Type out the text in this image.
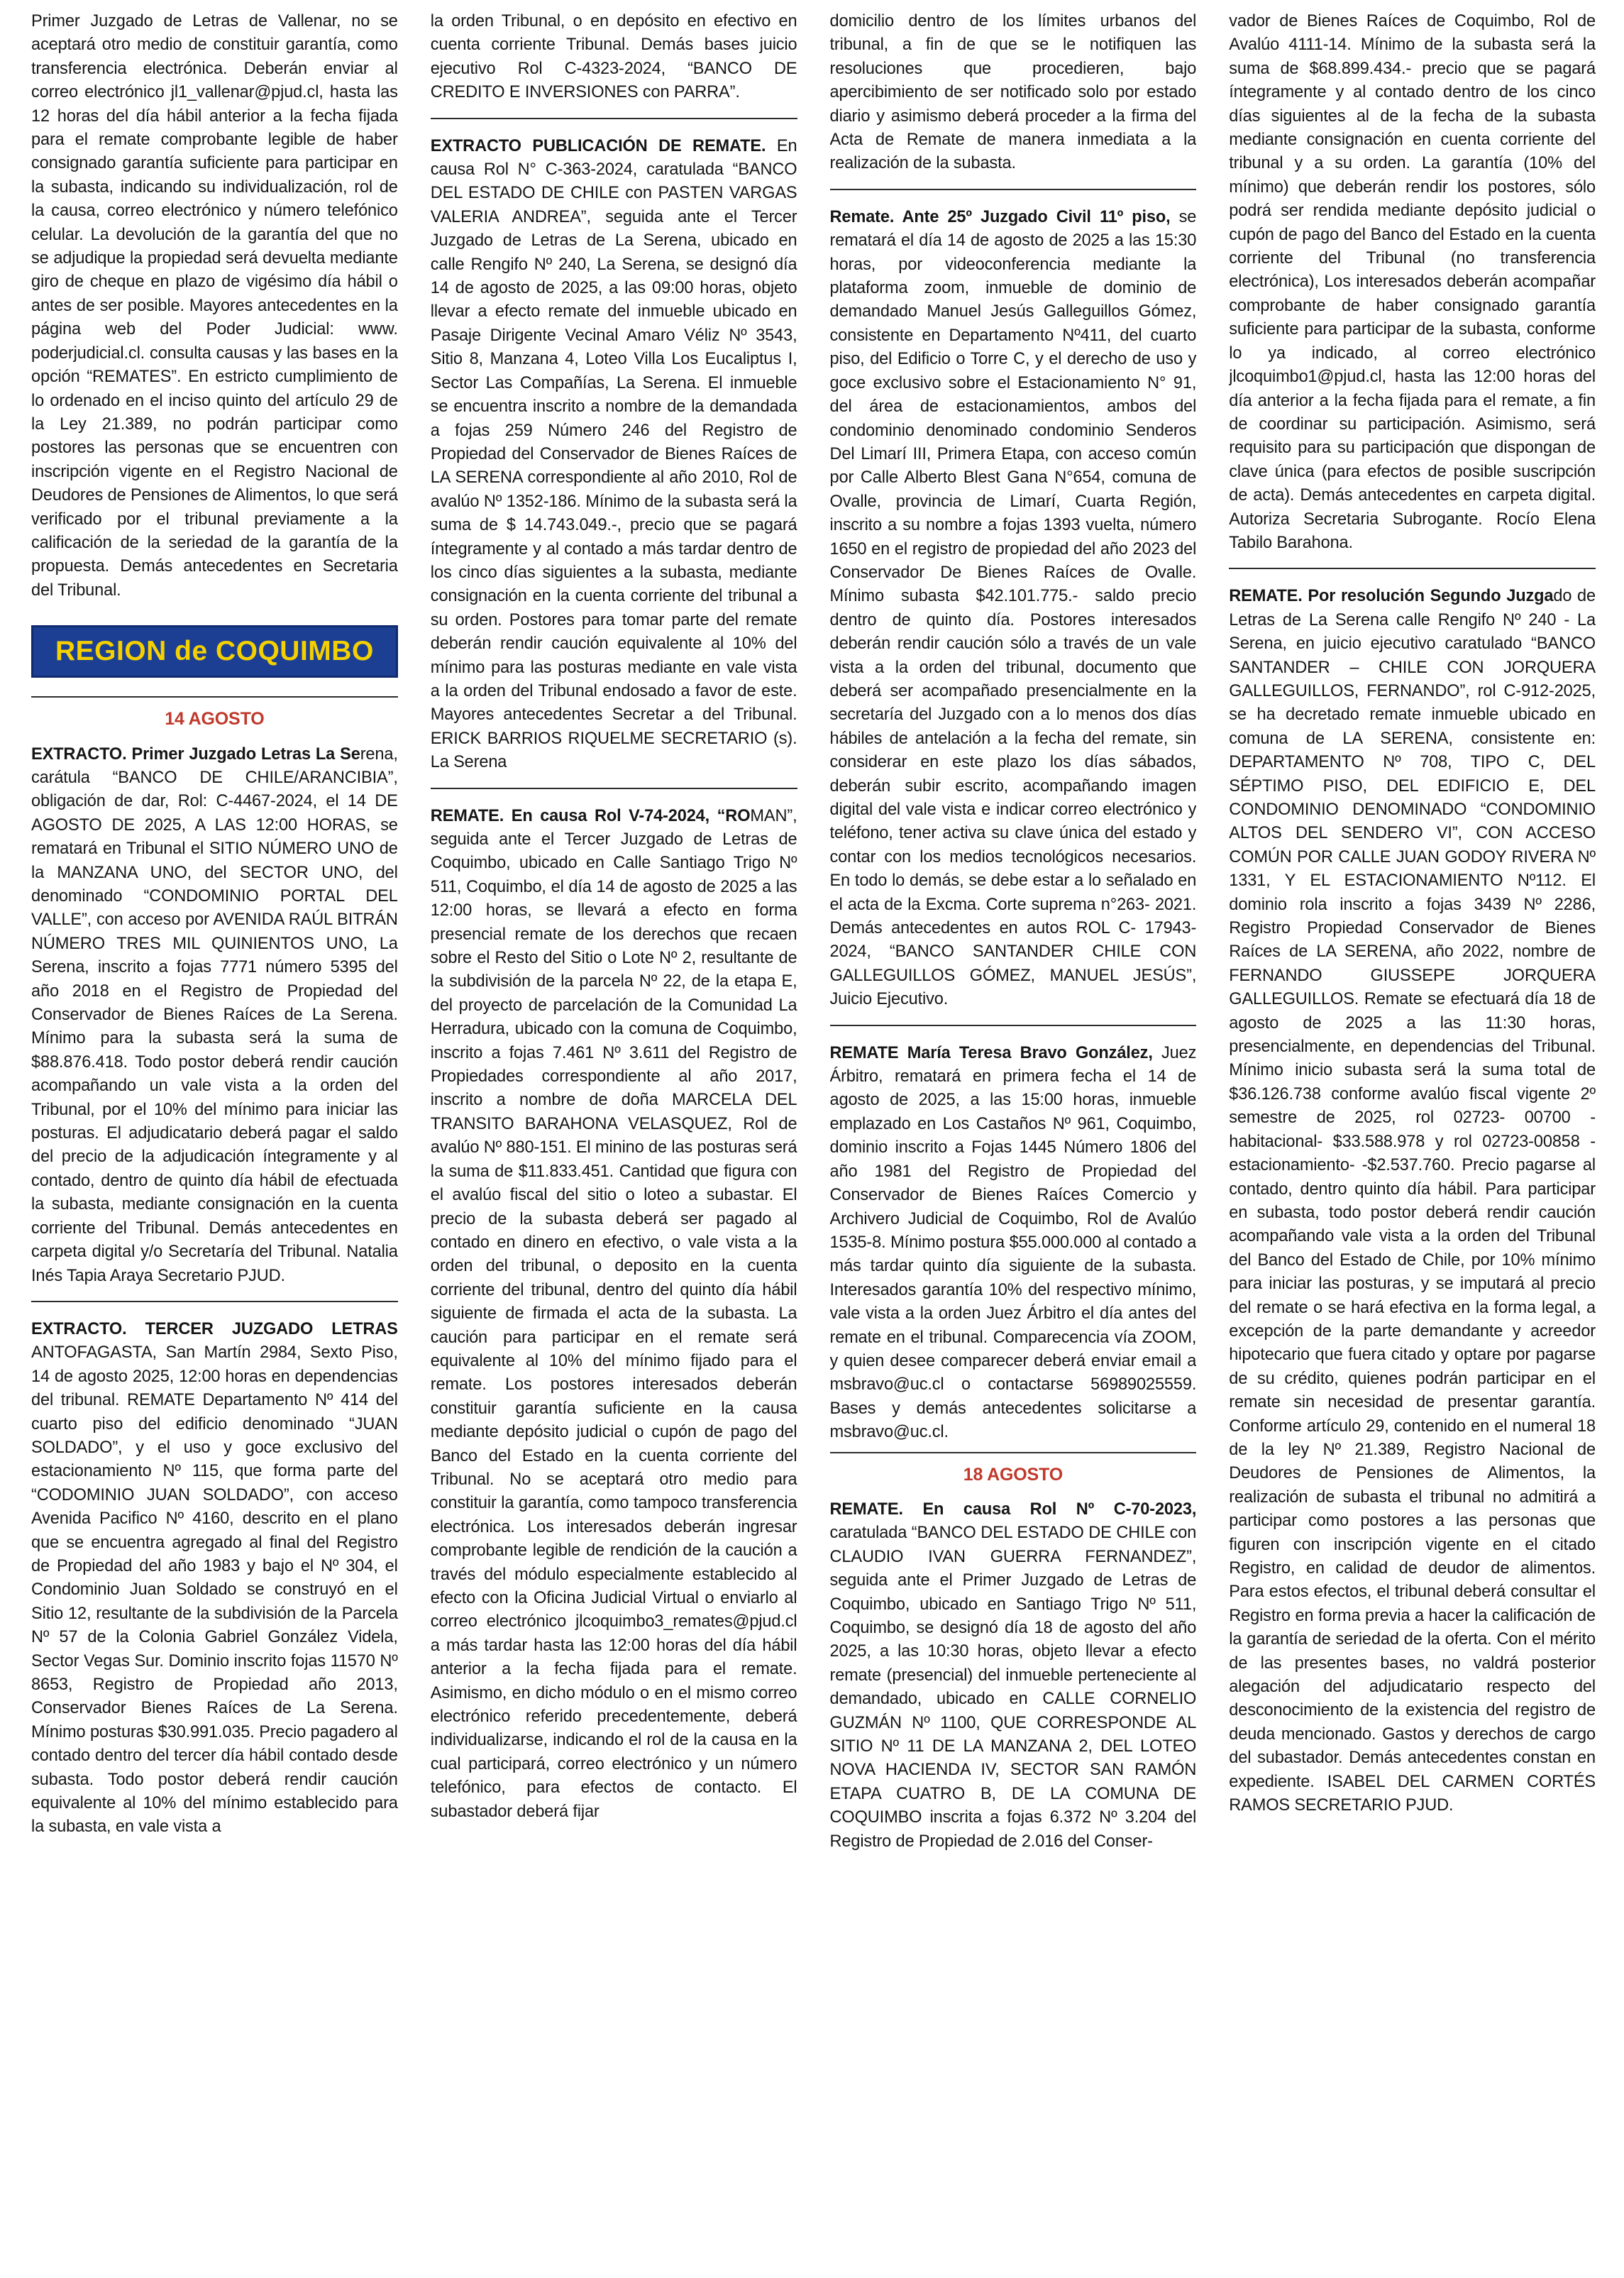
Primer Juzgado de Letras de Vallenar, no se aceptará otro medio de constituir garantía, como transferencia electrónica. Deberán enviar al correo electrónico jl1_vallenar@pjud.cl, hasta las 12 horas del día hábil anterior a la fecha fijada para el remate comprobante legible de haber consignado garantía suficiente para participar en la subasta, indicando su individualización, rol de la causa, correo electrónico y número telefónico celular. La devolución de la garantía del que no se adjudique la propiedad será devuelta mediante giro de cheque en plazo de vigésimo día hábil o antes de ser posible. Mayores antecedentes en la página web del Poder Judicial: www. poderjudicial.cl. consulta causas y las bases en la opción “REMATES”. En estricto cumplimiento de lo ordenado en el inciso quinto del artículo 29 de la Ley 21.389, no podrán participar como postores las personas que se encuentren con inscripción vigente en el Registro Nacional de Deudores de Pensiones de Alimentos, lo que será verificado por el tribunal previamente a la calificación de la seriedad de la garantía de la propuesta. Demás antecedentes en Secretaria del Tribunal.

REGION de COQUIMBO
14 AGOSTO

EXTRACTO. Primer Juzgado Letras La Serena, carátula “BANCO DE CHILE/ARANCIBIA”, obligación de dar, Rol: C-4467-2024, el 14 DE AGOSTO DE 2025, A LAS 12:00 HORAS, se rematará en Tribunal el SITIO NÚMERO UNO de la MANZANA UNO, del SECTOR UNO, del denominado “CONDOMINIO PORTAL DEL VALLE”, con acceso por AVENIDA RAÚL BITRÁN NÚMERO TRES MIL QUINIENTOS UNO, La Serena, inscrito a fojas 7771 número 5395 del año 2018 en el Registro de Propiedad del Conservador de Bienes Raíces de La Serena. Mínimo para la subasta será la suma de $88.876.418. Todo postor deberá rendir caución acompañando un vale vista a la orden del Tribunal, por el 10% del mínimo para iniciar las posturas. El adjudicatario deberá pagar el saldo del precio de la adjudicación íntegramente y al contado, dentro de quinto día hábil de efectuada la subasta, mediante consignación en la cuenta corriente del Tribunal. Demás antecedentes en carpeta digital y/o Secretaría del Tribunal. Natalia Inés Tapia Araya Secretario PJUD.

EXTRACTO. TERCER JUZGADO LETRAS ANTOFAGASTA, San Martín 2984, Sexto Piso, 14 de agosto 2025, 12:00 horas en dependencias del tribunal. REMATE Departamento Nº 414 del cuarto piso del edificio denominado “JUAN SOLDADO”, y el uso y goce exclusivo del estacionamiento Nº 115, que forma parte del “CODOMINIO JUAN SOLDADO”, con acceso Avenida Pacifico Nº 4160, descrito en el plano que se encuentra agregado al final del Registro de Propiedad del año 1983 y bajo el Nº 304, el Condominio Juan Soldado se construyó en el Sitio 12, resultante de la subdivisión de la Parcela Nº 57 de la Colonia Gabriel González Videla, Sector Vegas Sur. Dominio inscrito fojas 11570 Nº 8653, Registro de Propiedad año 2013, Conservador Bienes Raíces de La Serena. Mínimo posturas $30.991.035. Precio pagadero al contado dentro del tercer día hábil contado desde subasta. Todo postor deberá rendir caución equivalente al 10% del mínimo establecido para la subasta, en vale vista a

la orden Tribunal, o en depósito en efectivo en cuenta corriente Tribunal. Demás bases juicio ejecutivo Rol C-4323-2024, “BANCO DE CREDITO E INVERSIONES con PARRA”.

EXTRACTO PUBLICACIÓN DE REMATE. En causa Rol N° C-363-2024, caratulada “BANCO DEL ESTADO DE CHILE con PASTEN VARGAS VALERIA ANDREA”, seguida ante el Tercer Juzgado de Letras de La Serena, ubicado en calle Rengifo Nº 240, La Serena, se designó día 14 de agosto de 2025, a las 09:00 horas, objeto llevar a efecto remate del inmueble ubicado en Pasaje Dirigente Vecinal Amaro Véliz Nº 3543, Sitio 8, Manzana 4, Loteo Villa Los Eucaliptus I, Sector Las Compañías, La Serena. El inmueble se encuentra inscrito a nombre de la demandada a fojas 259 Número 246 del Registro de Propiedad del Conservador de Bienes Raíces de LA SERENA correspondiente al año 2010, Rol de avalúo Nº 1352-186. Mínimo de la subasta será la suma de $ 14.743.049.-, precio que se pagará íntegramente y al contado a más tardar dentro de los cinco días siguientes a la subasta, mediante consignación en la cuenta corriente del tribunal a su orden. Postores para tomar parte del remate deberán rendir caución equivalente al 10% del mínimo para las posturas mediante en vale vista a la orden del Tribunal endosado a favor de este. Mayores antecedentes Secretar a del Tribunal. ERICK BARRIOS RIQUELME SECRETARIO (s). La Serena

REMATE. En causa Rol V-74-2024, “ROMAN”, seguida ante el Tercer Juzgado de Letras de Coquimbo, ubicado en Calle Santiago Trigo Nº 511, Coquimbo, el día 14 de agosto de 2025 a las 12:00 horas, se llevará a efecto en forma presencial remate de los derechos que recaen sobre el Resto del Sitio o Lote Nº 2, resultante de la subdivisión de la parcela Nº 22, de la etapa E, del proyecto de parcelación de la Comunidad La Herradura, ubicado con la comuna de Coquimbo, inscrito a fojas 7.461 Nº 3.611 del Registro de Propiedades correspondiente al año 2017, inscrito a nombre de doña MARCELA DEL TRANSITO BARAHONA VELASQUEZ, Rol de avalúo Nº 880-151. El minino de las posturas será la suma de $11.833.451. Cantidad que figura con el avalúo fiscal del sitio o loteo a subastar. El precio de la subasta deberá ser pagado al contado en dinero en efectivo, o vale vista a la orden del tribunal, o deposito en la cuenta corriente del tribunal, dentro del quinto día hábil siguiente de firmada el acta de la subasta. La caución para participar en el remate será equivalente al 10% del mínimo fijado para el remate. Los postores interesados deberán constituir garantía suficiente en la causa mediante depósito judicial o cupón de pago del Banco del Estado en la cuenta corriente del Tribunal. No se aceptará otro medio para constituir la garantía, como tampoco transferencia electrónica. Los interesados deberán ingresar comprobante legible de rendición de la caución a través del módulo especialmente establecido al efecto con la Oficina Judicial Virtual o enviarlo al correo electrónico jlcoquimbo3_remates@pjud.cl a más tardar hasta las 12:00 horas del día hábil anterior a la fecha fijada para el remate. Asimismo, en dicho módulo o en el mismo correo electrónico referido precedentemente, deberá individualizarse, indicando el rol de la causa en la cual participará, correo electrónico y un número telefónico, para efectos de contacto. El subastador deberá fijar

domicilio dentro de los límites urbanos del tribunal, a fin de que se le notifiquen las resoluciones que procedieren, bajo apercibimiento de ser notificado solo por estado diario y asimismo deberá proceder a la firma del Acta de Remate de manera inmediata a la realización de la subasta.

Remate. Ante 25º Juzgado Civil 11º piso, se rematará el día 14 de agosto de 2025 a las 15:30 horas, por videoconferencia mediante la plataforma zoom, inmueble de dominio de demandado Manuel Jesús Galleguillos Gómez, consistente en Departamento Nº411, del cuarto piso, del Edificio o Torre C, y el derecho de uso y goce exclusivo sobre el Estacionamiento N° 91, del área de estacionamientos, ambos del condominio denominado condominio Senderos Del Limarí III, Primera Etapa, con acceso común por Calle Alberto Blest Gana N°654, comuna de Ovalle, provincia de Limarí, Cuarta Región, inscrito a su nombre a fojas 1393 vuelta, número 1650 en el registro de propiedad del año 2023 del Conservador De Bienes Raíces de Ovalle. Mínimo subasta $42.101.775.- saldo precio dentro de quinto día. Postores interesados deberán rendir caución sólo a través de un vale vista a la orden del tribunal, documento que deberá ser acompañado presencialmente en la secretaría del Juzgado con a lo menos dos días hábiles de antelación a la fecha del remate, sin considerar en este plazo los días sábados, deberán subir escrito, acompañando imagen digital del vale vista e indicar correo electrónico y teléfono, tener activa su clave única del estado y contar con los medios tecnológicos necesarios. En todo lo demás, se debe estar a lo señalado en el acta de la Excma. Corte suprema n°263- 2021. Demás antecedentes en autos ROL C- 17943-2024, “BANCO SANTANDER CHILE CON GALLEGUILLOS GÓMEZ, MANUEL JESÚS”, Juicio Ejecutivo.

REMATE María Teresa Bravo González, Juez Árbitro, rematará en primera fecha el 14 de agosto de 2025, a las 15:00 horas, inmueble emplazado en Los Castaños Nº 961, Coquimbo, dominio inscrito a Fojas 1445 Número 1806 del año 1981 del Registro de Propiedad del Conservador de Bienes Raíces Comercio y Archivero Judicial de Coquimbo, Rol de Avalúo 1535-8. Mínimo postura $55.000.000 al contado a más tardar quinto día siguiente de la subasta. Interesados garantía 10% del respectivo mínimo, vale vista a la orden Juez Árbitro el día antes del remate en el tribunal. Comparecencia vía ZOOM, y quien desee comparecer deberá enviar email a msbravo@uc.cl o contactarse 56989025559. Bases y demás antecedentes solicitarse a msbravo@uc.cl.

18 AGOSTO

REMATE. En causa Rol Nº C-70-2023, caratulada “BANCO DEL ESTADO DE CHILE con CLAUDIO IVAN GUERRA FERNANDEZ”, seguida ante el Primer Juzgado de Letras de Coquimbo, ubicado en Santiago Trigo Nº 511, Coquimbo, se designó día 18 de agosto del año 2025, a las 10:30 horas, objeto llevar a efecto remate (presencial) del inmueble perteneciente al demandado, ubicado en CALLE CORNELIO GUZMÁN Nº 1100, QUE CORRESPONDE AL SITIO Nº 11 DE LA MANZANA 2, DEL LOTEO NOVA HACIENDA IV, SECTOR SAN RAMÓN ETAPA CUATRO B, DE LA COMUNA DE COQUIMBO inscrita a fojas 6.372 Nº 3.204 del Registro de Propiedad de 2.016 del Conser-

vador de Bienes Raíces de Coquimbo, Rol de Avalúo 4111-14. Mínimo de la subasta será la suma de $68.899.434.- precio que se pagará íntegramente y al contado dentro de los cinco días siguientes al de la fecha de la subasta mediante consignación en cuenta corriente del tribunal y a su orden. La garantía (10% del mínimo) que deberán rendir los postores, sólo podrá ser rendida mediante depósito judicial o cupón de pago del Banco del Estado en la cuenta corriente del Tribunal (no transferencia electrónica), Los interesados deberán acompañar comprobante de haber consignado garantía suficiente para participar de la subasta, conforme lo ya indicado, al correo electrónico jlcoquimbo1@pjud.cl, hasta las 12:00 horas del día anterior a la fecha fijada para el remate, a fin de coordinar su participación. Asimismo, será requisito para su participación que dispongan de clave única (para efectos de posible suscripción de acta). Demás antecedentes en carpeta digital. Autoriza Secretaria Subrogante. Rocío Elena Tabilo Barahona.

REMATE. Por resolución Segundo Juzgado de Letras de La Serena calle Rengifo Nº 240 - La Serena, en juicio ejecutivo caratulado “BANCO SANTANDER – CHILE CON JORQUERA GALLEGUILLOS, FERNANDO”, rol C-912-2025, se ha decretado remate inmueble ubicado en comuna de LA SERENA, consistente en: DEPARTAMENTO Nº 708, TIPO C, DEL SÉPTIMO PISO, DEL EDIFICIO E, DEL CONDOMINIO DENOMINADO “CONDOMINIO ALTOS DEL SENDERO VI”, CON ACCESO COMÚN POR CALLE JUAN GODOY RIVERA Nº 1331, Y EL ESTACIONAMIENTO Nº112. El dominio rola inscrito a fojas 3439 Nº 2286, Registro Propiedad Conservador de Bienes Raíces de LA SERENA, año 2022, nombre de FERNANDO GIUSSEPE JORQUERA GALLEGUILLOS. Remate se efectuará día 18 de agosto de 2025 a las 11:30 horas, presencialmente, en dependencias del Tribunal. Mínimo inicio subasta será la suma total de $36.126.738 conforme avalúo fiscal vigente 2º semestre de 2025, rol 02723- 00700 -habitacional- $33.588.978 y rol 02723-00858 -estacionamiento- -$2.537.760. Precio pagarse al contado, dentro quinto día hábil. Para participar en subasta, todo postor deberá rendir caución acompañando vale vista a la orden del Tribunal del Banco del Estado de Chile, por 10% mínimo para iniciar las posturas, y se imputará al precio del remate o se hará efectiva en la forma legal, a excepción de la parte demandante y acreedor hipotecario que fuera citado y optare por pagarse de su crédito, quienes podrán participar en el remate sin necesidad de presentar garantía. Conforme artículo 29, contenido en el numeral 18 de la ley Nº 21.389, Registro Nacional de Deudores de Pensiones de Alimentos, la realización de subasta el tribunal no admitirá a participar como postores a las personas que figuren con inscripción vigente en el citado Registro, en calidad de deudor de alimentos. Para estos efectos, el tribunal deberá consultar el Registro en forma previa a hacer la calificación de la garantía de seriedad de la oferta. Con el mérito de las presentes bases, no valdrá posterior alegación del adjudicatario respecto del desconocimiento de la existencia del registro de deuda mencionado. Gastos y derechos de cargo del subastador. Demás antecedentes constan en expediente. ISABEL DEL CARMEN CORTÉS RAMOS SECRETARIO PJUD.
